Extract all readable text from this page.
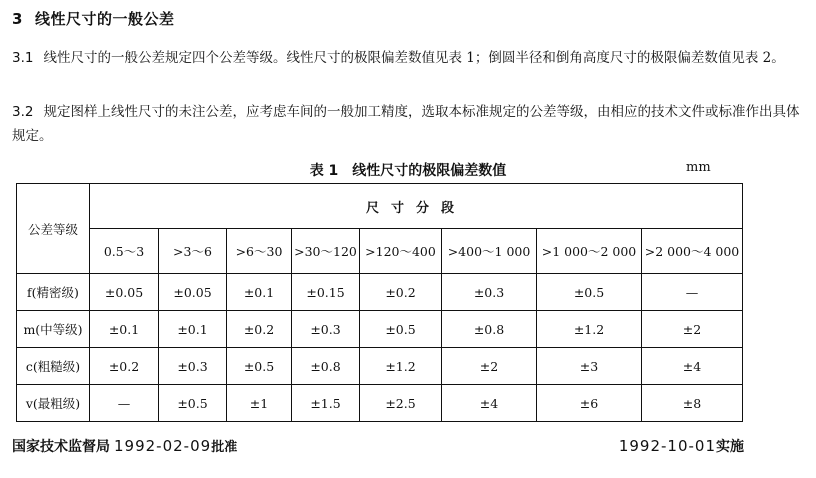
3 线性尺寸的一般公差
3.1 线性尺寸的一般公差规定四个公差等级。线性尺寸的极限偏差数值见表 1；倒圆半径和倒角高度尺寸的极限偏差数值见表 2。
3.2 规定图样上线性尺寸的未注公差，应考虑车间的一般加工精度，选取本标准规定的公差等级，由相应的技术文件或标准作出具体规定。
表 1　线性尺寸的极限偏差数值	mm
公差等级	尺寸分段							
	0.5～3	>3～6	>6～30	>30～120	>120～400	>400～1 000	>1 000～2 000	>2 000～4 000
f(精密级)	±0.05	±0.05	±0.1	±0.15	±0.2	±0.3	±0.5	—
m(中等级)	±0.1	±0.1	±0.2	±0.3	±0.5	±0.8	±1.2	±2
c(粗糙级)	±0.2	±0.3	±0.5	±0.8	±1.2	±2	±3	±4
v(最粗级)	—	±0.5	±1	±1.5	±2.5	±4	±6	±8
国家技术监督局 1992-02-09批准	1992-10-01实施
